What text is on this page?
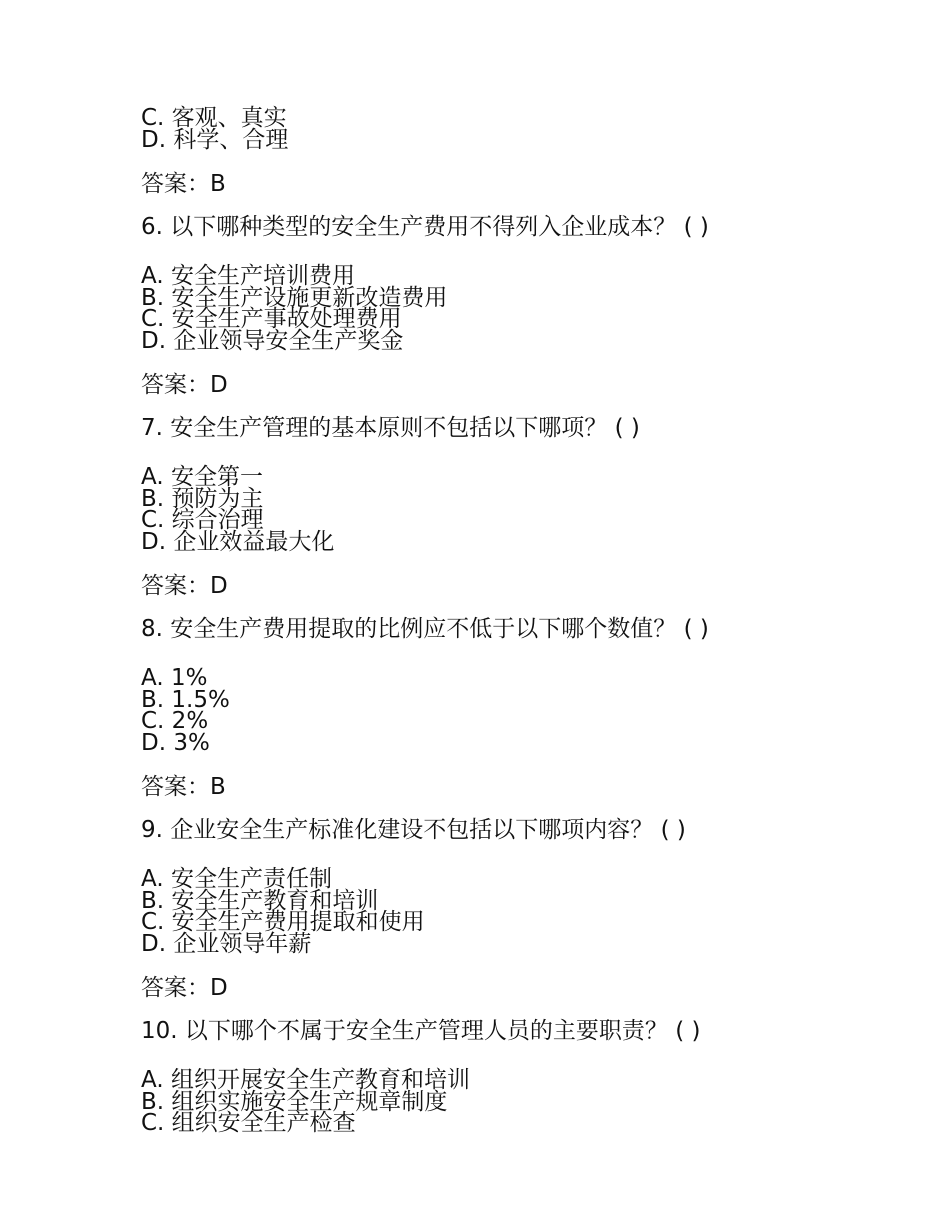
C. 客观、真实
D. 科学、合理
答案：B
6. 以下哪种类型的安全生产费用不得列入企业成本？ ( )
A. 安全生产培训费用
B. 安全生产设施更新改造费用
C. 安全生产事故处理费用
D. 企业领导安全生产奖金
答案：D
7. 安全生产管理的基本原则不包括以下哪项？ ( )
A. 安全第一
B. 预防为主
C. 综合治理
D. 企业效益最大化
答案：D
8. 安全生产费用提取的比例应不低于以下哪个数值？ ( )
A. 1%
B. 1.5%
C. 2%
D. 3%
答案：B
9. 企业安全生产标准化建设不包括以下哪项内容？ ( )
A. 安全生产责任制
B. 安全生产教育和培训
C. 安全生产费用提取和使用
D. 企业领导年薪
答案：D
10. 以下哪个不属于安全生产管理人员的主要职责？ ( )
A. 组织开展安全生产教育和培训
B. 组织实施安全生产规章制度
C. 组织安全生产检查
